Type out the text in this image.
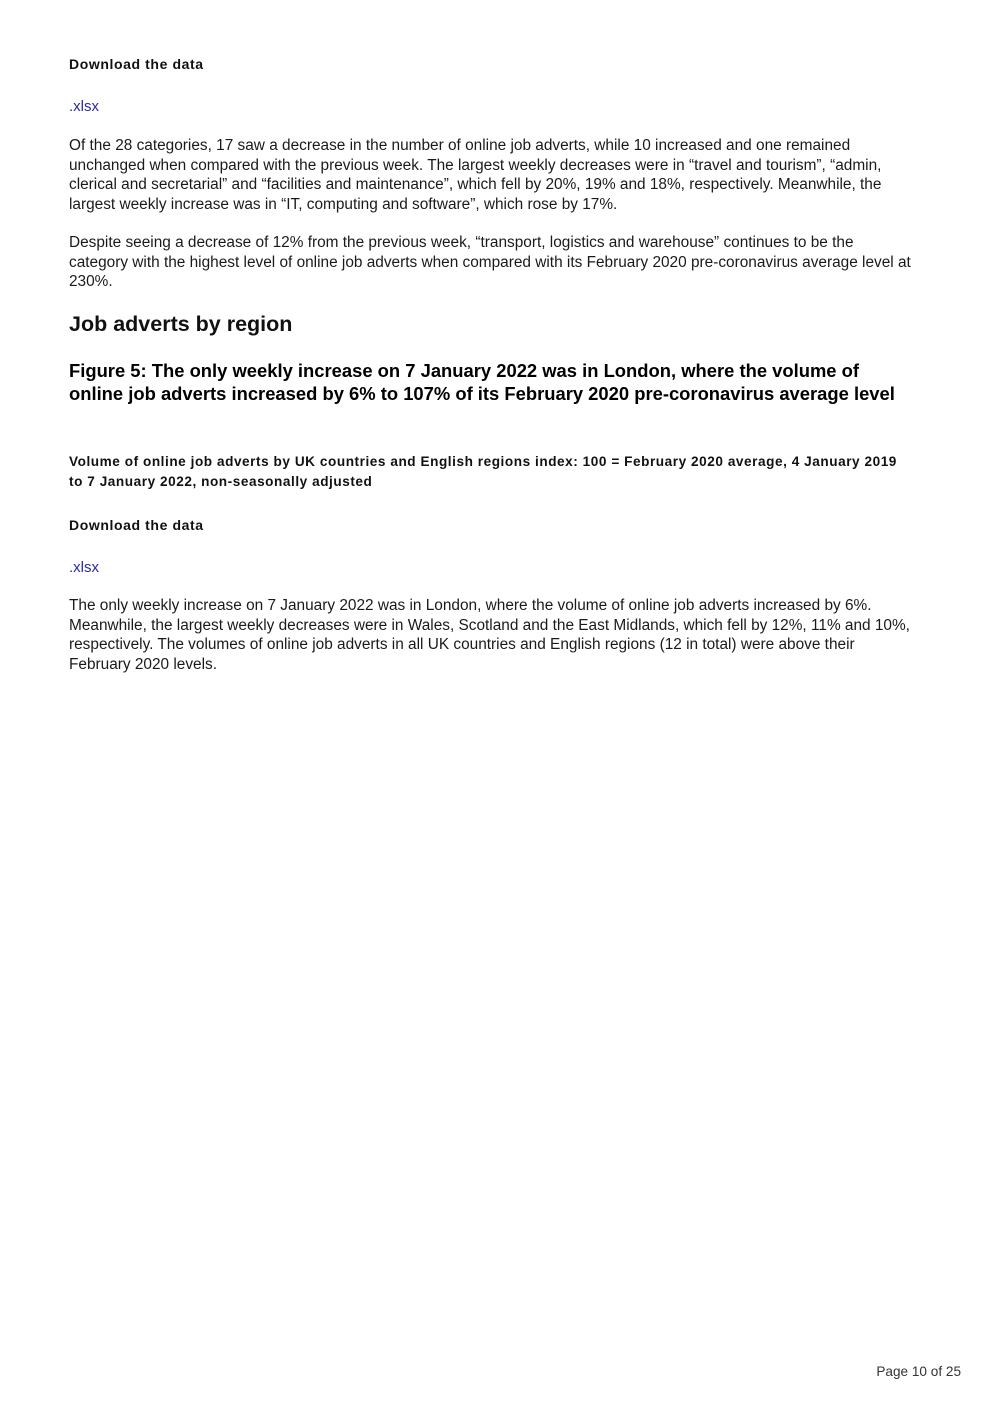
Download the data
.xlsx

Of the 28 categories, 17 saw a decrease in the number of online job adverts, while 10 increased and one remained unchanged when compared with the previous week. The largest weekly decreases were in “travel and tourism”, “admin, clerical and secretarial” and “facilities and maintenance”, which fell by 20%, 19% and 18%, respectively. Meanwhile, the largest weekly increase was in “IT, computing and software”, which rose by 17%.

Despite seeing a decrease of 12% from the previous week, “transport, logistics and warehouse” continues to be the category with the highest level of online job adverts when compared with its February 2020 pre-coronavirus average level at 230%.

Job adverts by region
Figure 5: The only weekly increase on 7 January 2022 was in London, where the volume of online job adverts increased by 6% to 107% of its February 2020 pre-coronavirus average level
Volume of online job adverts by UK countries and English regions index: 100 = February 2020 average, 4 January 2019 to 7 January 2022, non-seasonally adjusted
Download the data
.xlsx

The only weekly increase on 7 January 2022 was in London, where the volume of online job adverts increased by 6%. Meanwhile, the largest weekly decreases were in Wales, Scotland and the East Midlands, which fell by 12%, 11% and 10%, respectively. The volumes of online job adverts in all UK countries and English regions (12 in total) were above their February 2020 levels.

Page 10 of 25
